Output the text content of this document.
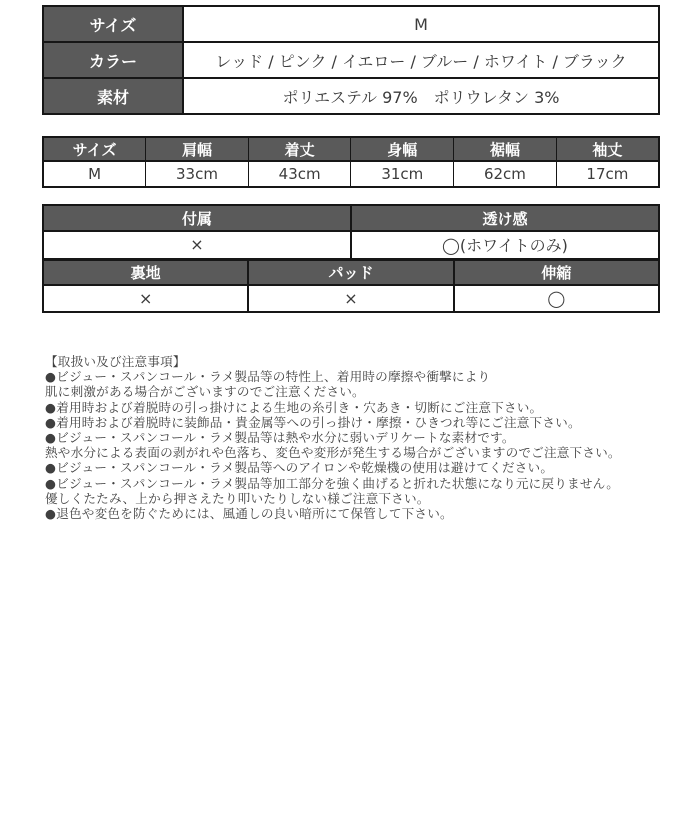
サイズ	M
カラー	レッド / ピンク / イエロー / ブルー / ホワイト / ブラック
素材	ポリエステル 97%　ポリウレタン 3%
サイズ	肩幅	着丈	身幅	裾幅	袖丈
M	33cm	43cm	31cm	62cm	17cm
付属		透け感	
×		◯(ホワイトのみ)	
裏地	パッド		伸縮
×	×		◯
【取扱い及び注意事項】
●ビジュー・スパンコール・ラメ製品等の特性上、着用時の摩擦や衝撃により
肌に刺激がある場合がございますのでご注意ください。
●着用時および着脱時の引っ掛けによる生地の糸引き・穴あき・切断にご注意下さい。
●着用時および着脱時に装飾品・貴金属等への引っ掛け・摩擦・ひきつれ等にご注意下さい。
●ビジュー・スパンコール・ラメ製品等は熱や水分に弱いデリケートな素材です。
熱や水分による表面の剥がれや色落ち、変色や変形が発生する場合がございますのでご注意下さい。
●ビジュー・スパンコール・ラメ製品等へのアイロンや乾燥機の使用は避けてください。
●ビジュー・スパンコール・ラメ製品等加工部分を強く曲げると折れた状態になり元に戻りません。
優しくたたみ、上から押さえたり叩いたりしない様ご注意下さい。
●退色や変色を防ぐためには、風通しの良い暗所にて保管して下さい。
